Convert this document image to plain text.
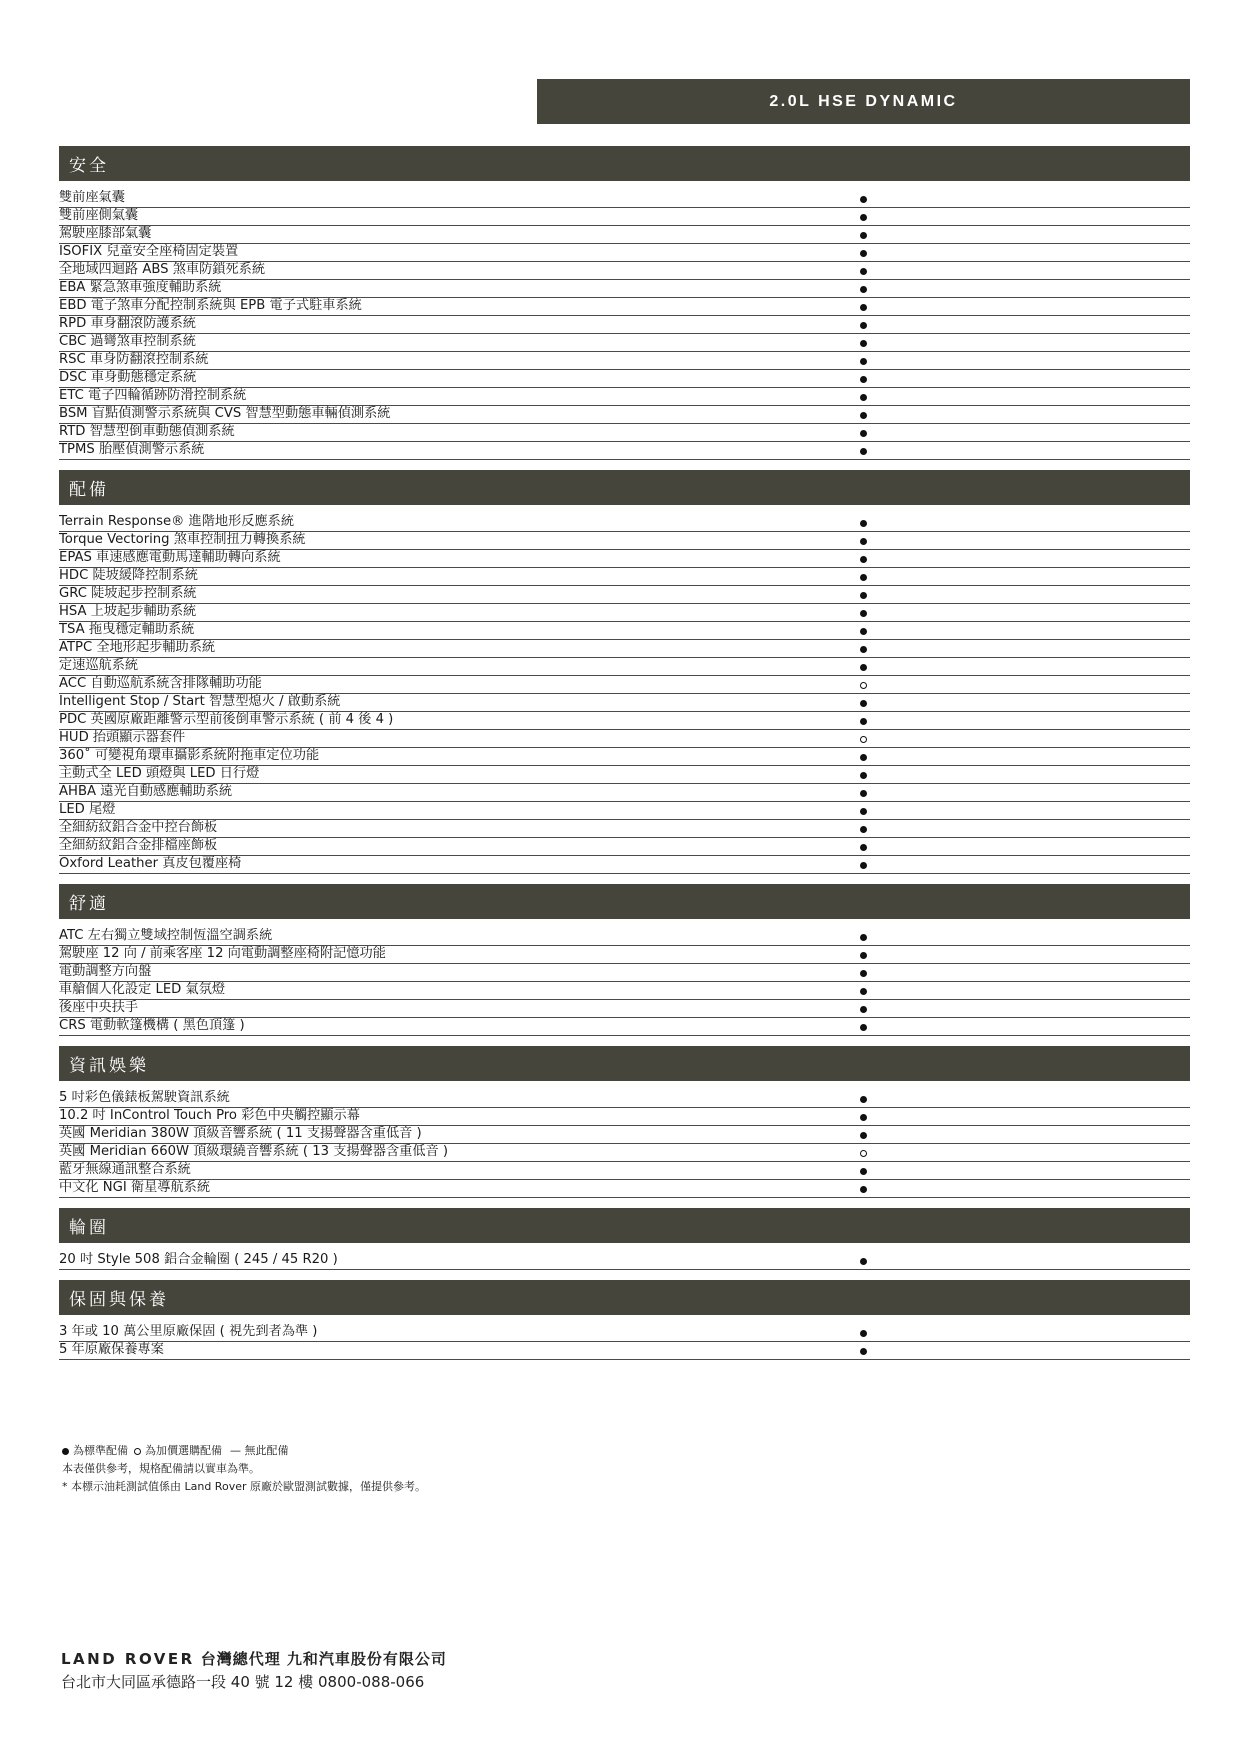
2.0L HSE DYNAMIC
安全
雙前座氣囊
雙前座側氣囊
駕駛座膝部氣囊
ISOFIX 兒童安全座椅固定裝置
全地域四迴路 ABS 煞車防鎖死系統
EBA 緊急煞車強度輔助系統
EBD 電子煞車分配控制系統與 EPB 電子式駐車系統
RPD 車身翻滾防護系統
CBC 過彎煞車控制系統
RSC 車身防翻滾控制系統
DSC 車身動態穩定系統
ETC 電子四輪循跡防滑控制系統
BSM 盲點偵測警示系統與 CVS 智慧型動態車輛偵測系統
RTD 智慧型倒車動態偵測系統
TPMS 胎壓偵測警示系統
配備
Terrain Response® 進階地形反應系統
Torque Vectoring 煞車控制扭力轉換系統
EPAS 車速感應電動馬達輔助轉向系統
HDC 陡坡緩降控制系統
GRC 陡坡起步控制系統
HSA 上坡起步輔助系統
TSA 拖曳穩定輔助系統
ATPC 全地形起步輔助系統
定速巡航系統
ACC 自動巡航系統含排隊輔助功能
Intelligent Stop / Start 智慧型熄火 / 啟動系統
PDC 英國原廠距離警示型前後倒車警示系統 ( 前 4 後 4 )
HUD 抬頭顯示器套件
360˚ 可變視角環車攝影系統附拖車定位功能
主動式全 LED 頭燈與 LED 日行燈
AHBA 遠光自動感應輔助系統
LED 尾燈
全細紡紋鋁合金中控台飾板
全細紡紋鋁合金排檔座飾板
Oxford Leather 真皮包覆座椅
舒適
ATC 左右獨立雙域控制恆溫空調系統
駕駛座 12 向 / 前乘客座 12 向電動調整座椅附記憶功能
電動調整方向盤
車艙個人化設定 LED 氣氛燈
後座中央扶手
CRS 電動軟篷機構 ( 黑色頂篷 )
資訊娛樂
5 吋彩色儀錶板駕駛資訊系統
10.2 吋 InControl Touch Pro 彩色中央觸控顯示幕
英國 Meridian 380W 頂級音響系統 ( 11 支揚聲器含重低音 )
英國 Meridian 660W 頂級環繞音響系統 ( 13 支揚聲器含重低音 )
藍牙無線通訊整合系統
中文化 NGI 衛星導航系統
輪圈
20 吋 Style 508 鋁合金輪圈 ( 245 / 45 R20 )
保固與保養
3 年或 10 萬公里原廠保固 ( 視先到者為準 )
5 年原廠保養專案
為標準配備 為加價選購配備 — 無此配備
本表僅供參考，規格配備請以實車為準。
* 本標示油耗測試值係由 Land Rover 原廠於歐盟測試數據，僅提供參考。
LAND ROVER 台灣總代理 九和汽車股份有限公司
台北市大同區承德路一段 40 號 12 樓 0800-088-066
